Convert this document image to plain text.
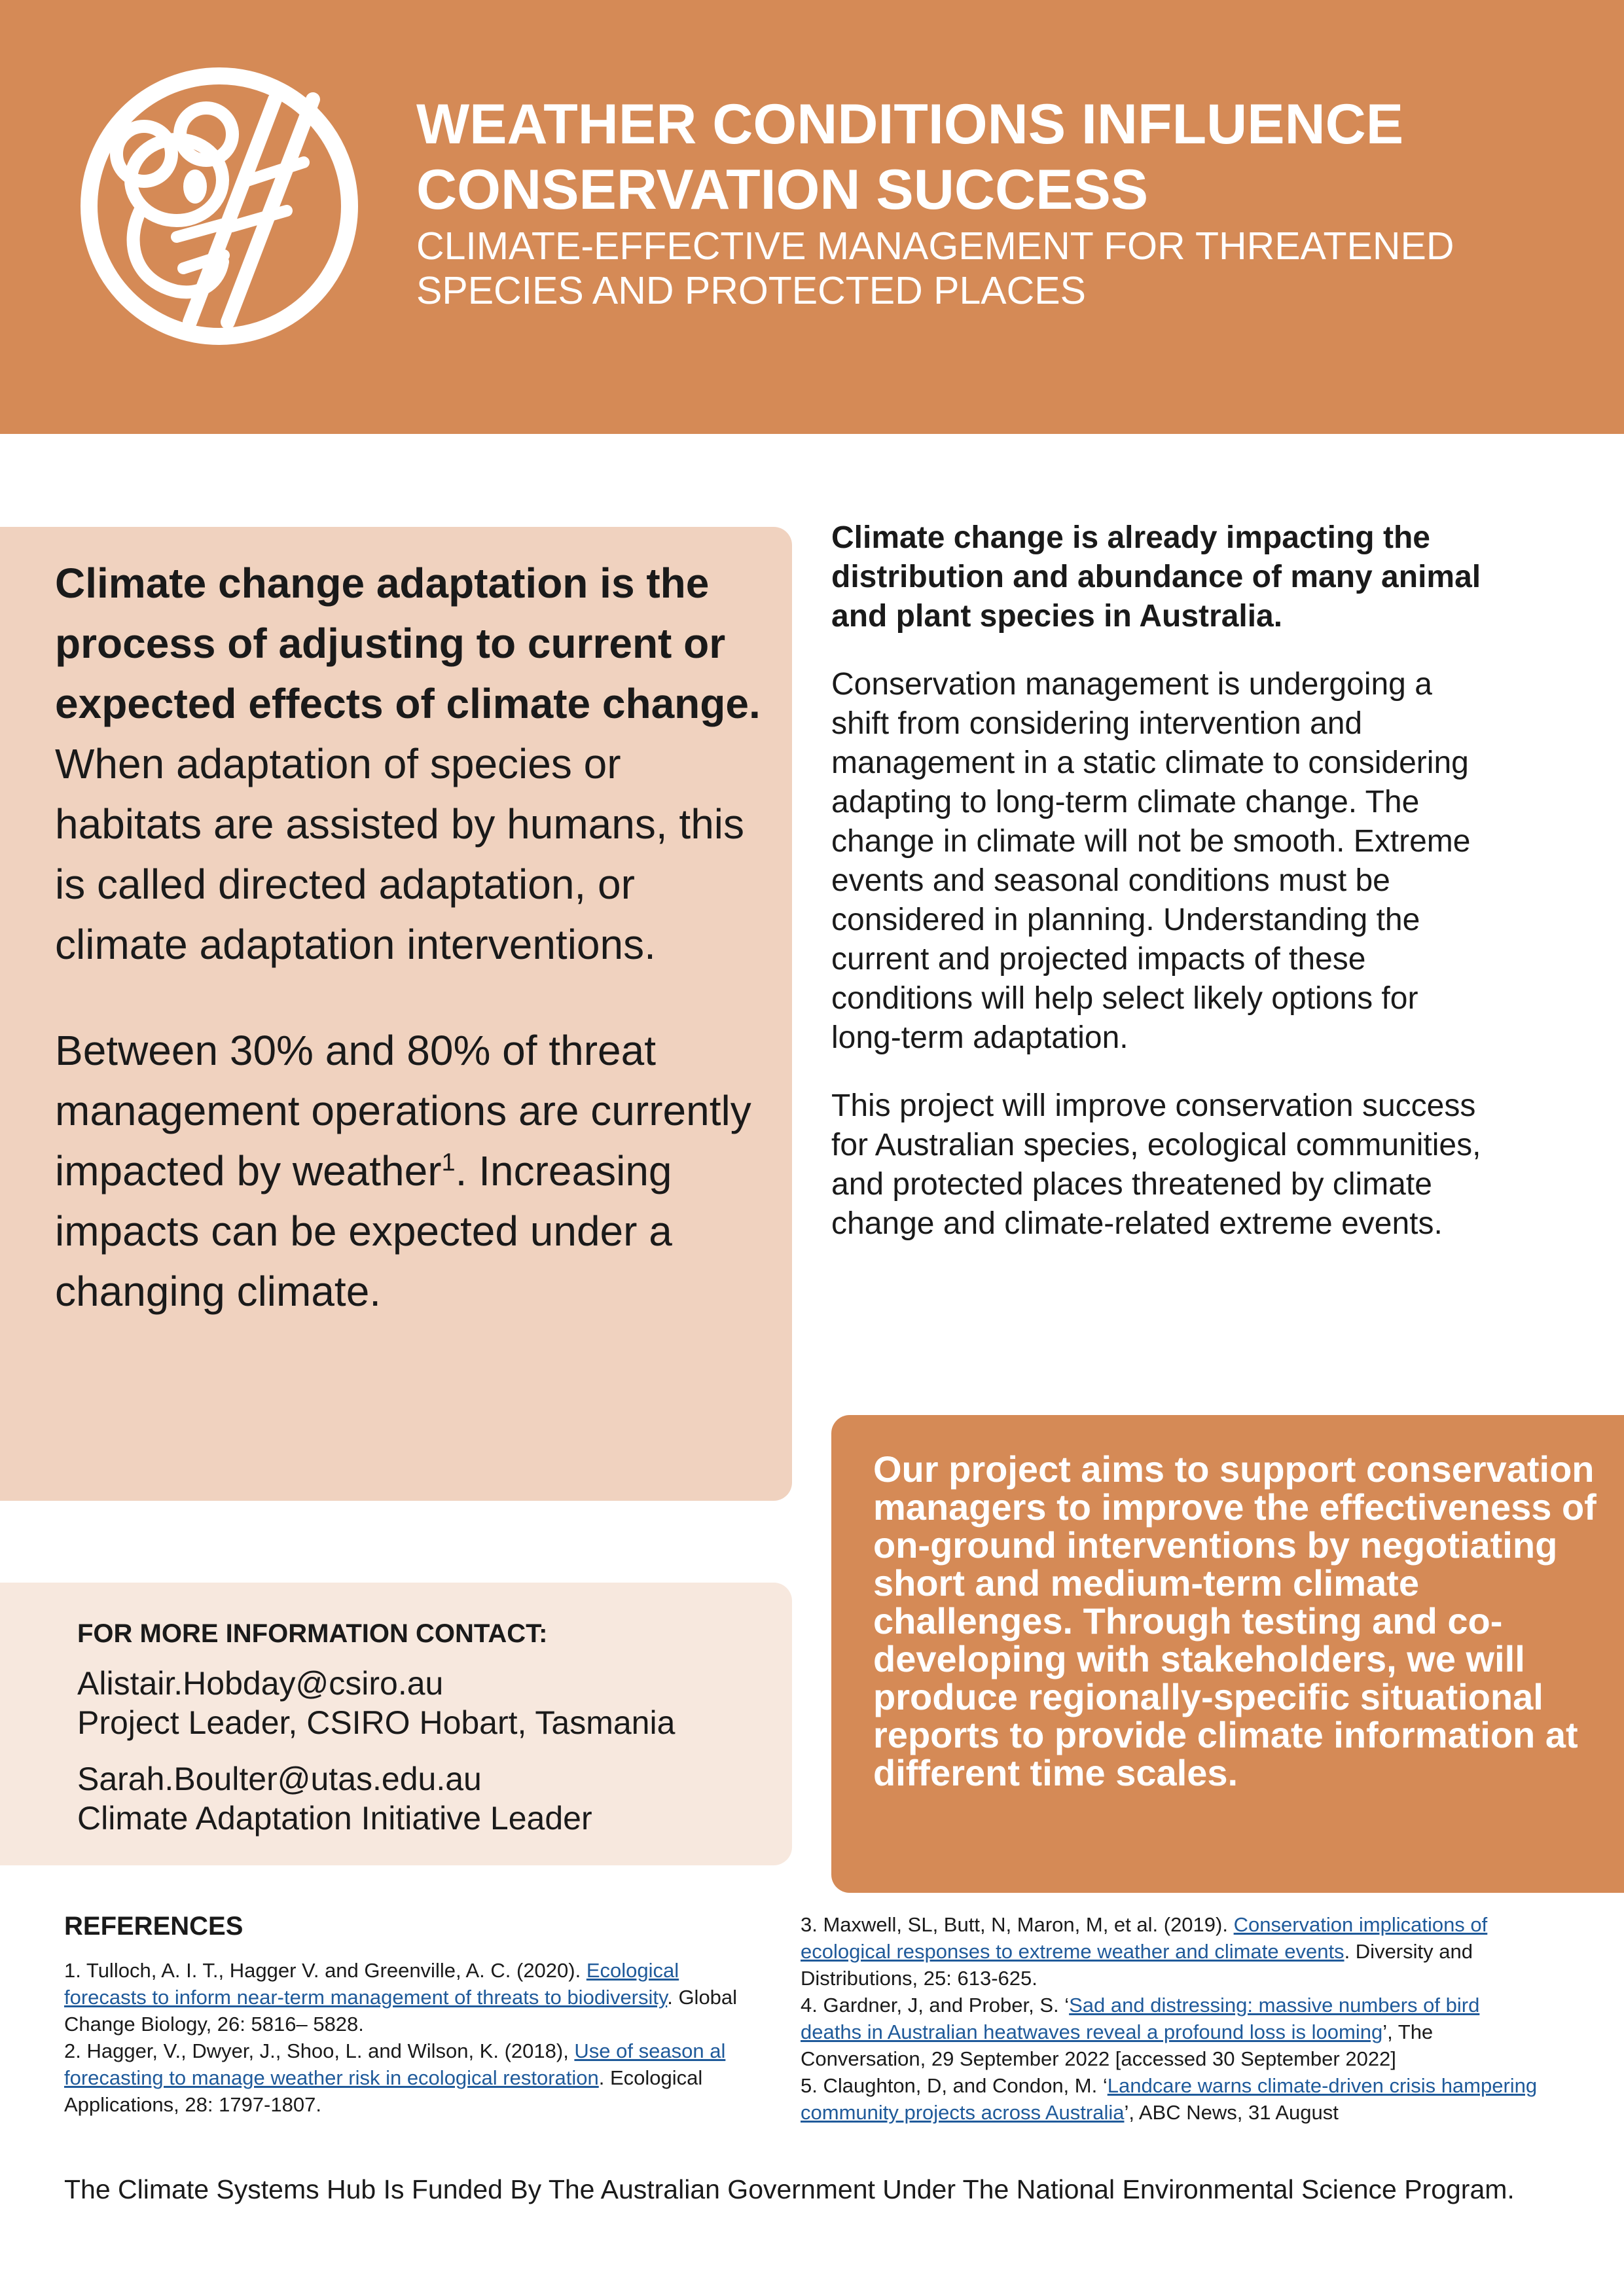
WEATHER CONDITIONS INFLUENCE
CONSERVATION SUCCESS
CLIMATE-EFFECTIVE MANAGEMENT FOR THREATENED
SPECIES AND PROTECTED PLACES

Climate change adaptation is the process of adjusting to current or expected effects of climate change. When adaptation of species or habitats are assisted by humans, this is called directed adaptation, or climate adaptation interventions.

Between 30% and 80% of threat management operations are currently impacted by weather$^1$. Increasing impacts can be expected under a changing climate.

Climate change is already impacting the distribution and abundance of many animal and plant species in Australia.

Conservation management is undergoing a shift from considering intervention and management in a static climate to considering adapting to long-term climate change. The change in climate will not be smooth. Extreme events and seasonal conditions must be considered in planning. Understanding the current and projected impacts of these conditions will help select likely options for long-term adaptation.

This project will improve conservation success for Australian species, ecological communities, and protected places threatened by climate change and climate-related extreme events.

Our project aims to support conservation managers to improve the effectiveness of on-ground interventions by negotiating short and medium-term climate challenges. Through testing and co-developing with stakeholders, we will produce regionally-specific situational reports to provide climate information at different time scales.
FOR MORE INFORMATION CONTACT:
Alistair.Hobday@csiro.au
Project Leader, CSIRO Hobart, Tasmania
Sarah.Boulter@utas.edu.au
Climate Adaptation Initiative Leader
REFERENCES

1. Tulloch, A. I. T., Hagger V. and Greenville, A. C. (2020). Ecological forecasts to inform near-term management of threats to biodiversity. Global Change Biology, 26: 5816– 5828.

2. Hagger, V., Dwyer, J., Shoo, L. and Wilson, K. (2018), Use of season al forecasting to manage weather risk in ecological restoration. Ecological Applications, 28: 1797-1807.

3. Maxwell, SL, Butt, N, Maron, M, et al. (2019). Conservation implications of ecological responses to extreme weather and climate events. Diversity and Distributions, 25: 613-625.

4. Gardner, J, and Prober, S. ‘Sad and distressing: massive numbers of bird deaths in Australian heatwaves reveal a profound loss is looming’, The Conversation, 29 September 2022 [accessed 30 September 2022]

5. Claughton, D, and Condon, M. ‘Landcare warns climate-driven crisis hampering community projects across Australia’, ABC News, 31 August

The Climate Systems Hub Is Funded By The Australian Government Under The National Environmental Science Program.
